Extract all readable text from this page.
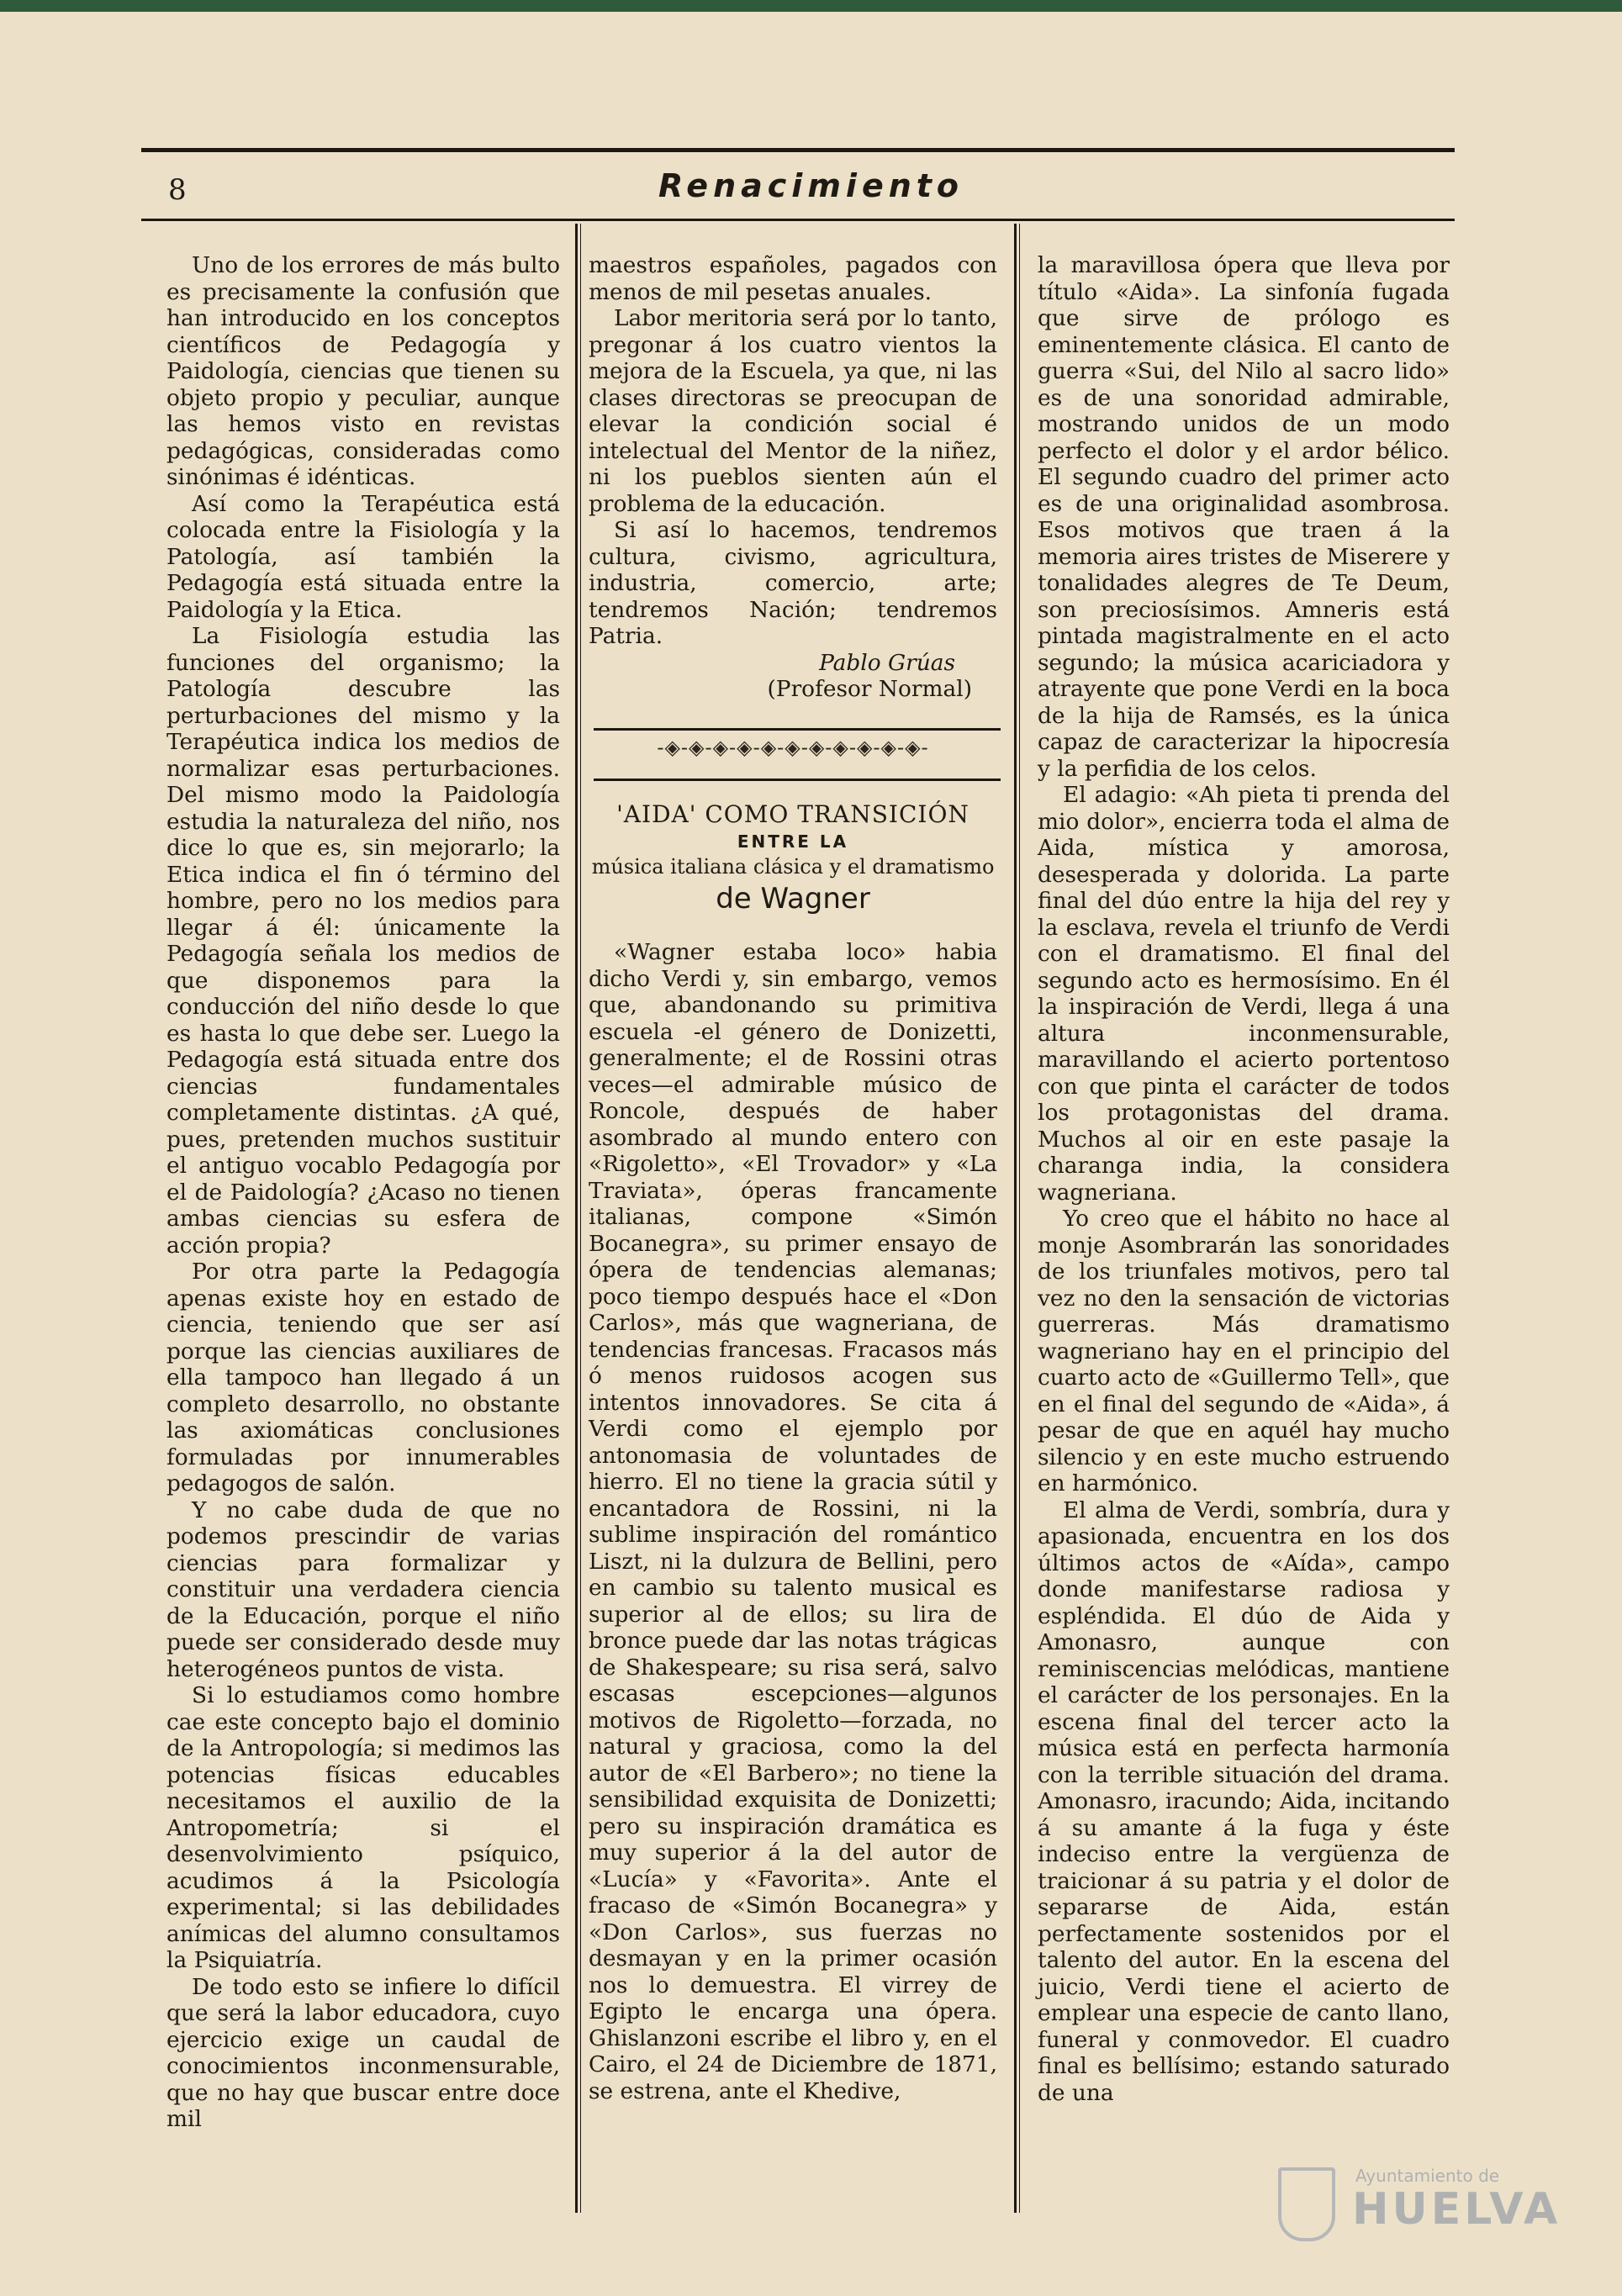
8	Renacimiento

Uno de los errores de más bulto es precisamente la confusión que han introducido en los conceptos científicos de Pedagogía y Paidología, ciencias que tienen su objeto propio y peculiar, aunque las hemos visto en revistas pedagógicas, consideradas como sinónimas é idénticas.

Así como la Terapéutica está colocada entre la Fisiología y la Patología, así también la Pedagogía está situada entre la Paidología y la Etica.

La Fisiología estudia las funciones del organismo; la Patología descubre las perturbaciones del mismo y la Terapéutica indica los medios de normalizar esas perturbaciones. Del mismo modo la Paidología estudia la naturaleza del niño, nos dice lo que es, sin mejorarlo; la Etica indica el fin ó término del hombre, pero no los medios para llegar á él: únicamente la Pedagogía señala los medios de que disponemos para la conducción del niño desde lo que es hasta lo que debe ser. Luego la Pedagogía está situada entre dos ciencias fundamentales completamente distintas. ¿A qué, pues, pretenden muchos sustituir el antiguo vocablo Pedagogía por el de Paidología? ¿Acaso no tienen ambas ciencias su esfera de acción propia?

Por otra parte la Pedagogía apenas existe hoy en estado de ciencia, teniendo que ser así porque las ciencias auxiliares de ella tampoco han llegado á un completo desarrollo, no obstante las axiomáticas conclusiones formuladas por innumerables pedagogos de salón.

Y no cabe duda de que no podemos prescindir de varias ciencias para formalizar y constituir una verdadera ciencia de la Educación, porque el niño puede ser considerado desde muy heterogéneos puntos de vista.

Si lo estudiamos como hombre cae este concepto bajo el dominio de la Antropología; si medimos las potencias físicas educables necesitamos el auxilio de la Antropometría; si el desenvolvimiento psíquico, acudimos á la Psicología experimental; si las debilidades anímicas del alumno consultamos la Psiquiatría.

De todo esto se infiere lo difícil que será la labor educadora, cuyo ejercicio exige un caudal de conocimientos inconmensurable, que no hay que buscar entre doce mil

maestros españoles, pagados con menos de mil pesetas anuales.

Labor meritoria será por lo tanto, pregonar á los cuatro vientos la mejora de la Escuela, ya que, ni las clases directoras se preocupan de elevar la condición social é intelectual del Mentor de la niñez, ni los pueblos sienten aún el problema de la educación.

Si así lo hacemos, tendremos cultura, civismo, agricultura, industria, comercio, arte; tendremos Nación; tendremos Patria.

Pablo Grúas
(Profesor Normal)
-◈-◈-◈-◈-◈-◈-◈-◈-◈-◈-◈-
'AIDA' COMO TRANSICIÓN
ENTRE LA
música italiana clásica y el dramatismo
de Wagner

«Wagner estaba loco» habia dicho Verdi y, sin embargo, vemos que, abandonando su primitiva escuela -el género de Donizetti, generalmente; el de Rossini otras veces—el admirable músico de Roncole, después de haber asombrado al mundo entero con «Rigoletto», «El Trovador» y «La Traviata», óperas francamente italianas, compone «Simón Bocanegra», su primer ensayo de ópera de tendencias alemanas; poco tiempo después hace el «Don Carlos», más que wagneriana, de tendencias francesas. Fracasos más ó menos ruidosos acogen sus intentos innovadores. Se cita á Verdi como el ejemplo por antonomasia de voluntades de hierro. El no tiene la gracia sútil y encantadora de Rossini, ni la sublime inspiración del romántico Liszt, ni la dulzura de Bellini, pero en cambio su talento musical es superior al de ellos; su lira de bronce puede dar las notas trágicas de Shakespeare; su risa será, salvo escasas escepciones—algunos motivos de Rigoletto—forzada, no natural y graciosa, como la del autor de «El Barbero»; no tiene la sensibilidad exquisita de Donizetti; pero su inspiración dramática es muy superior á la del autor de «Lucía» y «Favorita». Ante el fracaso de «Simón Bocanegra» y «Don Carlos», sus fuerzas no desmayan y en la primer ocasión nos lo demuestra. El virrey de Egipto le encarga una ópera. Ghislanzoni escribe el libro y, en el Cairo, el 24 de Diciembre de 1871, se estrena, ante el Khedive,

la maravillosa ópera que lleva por título «Aida». La sinfonía fugada que sirve de prólogo es eminentemente clásica. El canto de guerra «Sui, del Nilo al sacro lido» es de una sonoridad admirable, mostrando unidos de un modo perfecto el dolor y el ardor bélico. El segundo cuadro del primer acto es de una originalidad asombrosa. Esos motivos que traen á la memoria aires tristes de Miserere y tonalidades alegres de Te Deum, son preciosísimos. Amneris está pintada magistralmente en el acto segundo; la música acariciadora y atrayente que pone Verdi en la boca de la hija de Ramsés, es la única capaz de caracterizar la hipocresía y la perfidia de los celos.

El adagio: «Ah pieta ti prenda del mio dolor», encierra toda el alma de Aida, mística y amorosa, desesperada y dolorida. La parte final del dúo entre la hija del rey y la esclava, revela el triunfo de Verdi con el dramatismo. El final del segundo acto es hermosísimo. En él la inspiración de Verdi, llega á una altura inconmensurable, maravillando el acierto portentoso con que pinta el carácter de todos los protagonistas del drama. Muchos al oir en este pasaje la charanga india, la considera wagneriana.

Yo creo que el hábito no hace al monje Asombrarán las sonoridades de los triunfales motivos, pero tal vez no den la sensación de victorias guerreras. Más dramatismo wagneriano hay en el principio del cuarto acto de «Guillermo Tell», que en el final del segundo de «Aida», á pesar de que en aquél hay mucho silencio y en este mucho estruendo en harmónico.

El alma de Verdi, sombría, dura y apasionada, encuentra en los dos últimos actos de «Aída», campo donde manifestarse radiosa y espléndida. El dúo de Aida y Amonasro, aunque con reminiscencias melódicas, mantiene el carácter de los personajes. En la escena final del tercer acto la música está en perfecta harmonía con la terrible situación del drama. Amonasro, iracundo; Aida, incitando á su amante á la fuga y éste indeciso entre la vergüenza de traicionar á su patria y el dolor de separarse de Aida, están perfectamente sostenidos por el talento del autor. En la escena del juicio, Verdi tiene el acierto de emplear una especie de canto llano, funeral y conmovedor. El cuadro final es bellísimo; estando saturado de una

Ayuntamiento de
HUELVA
